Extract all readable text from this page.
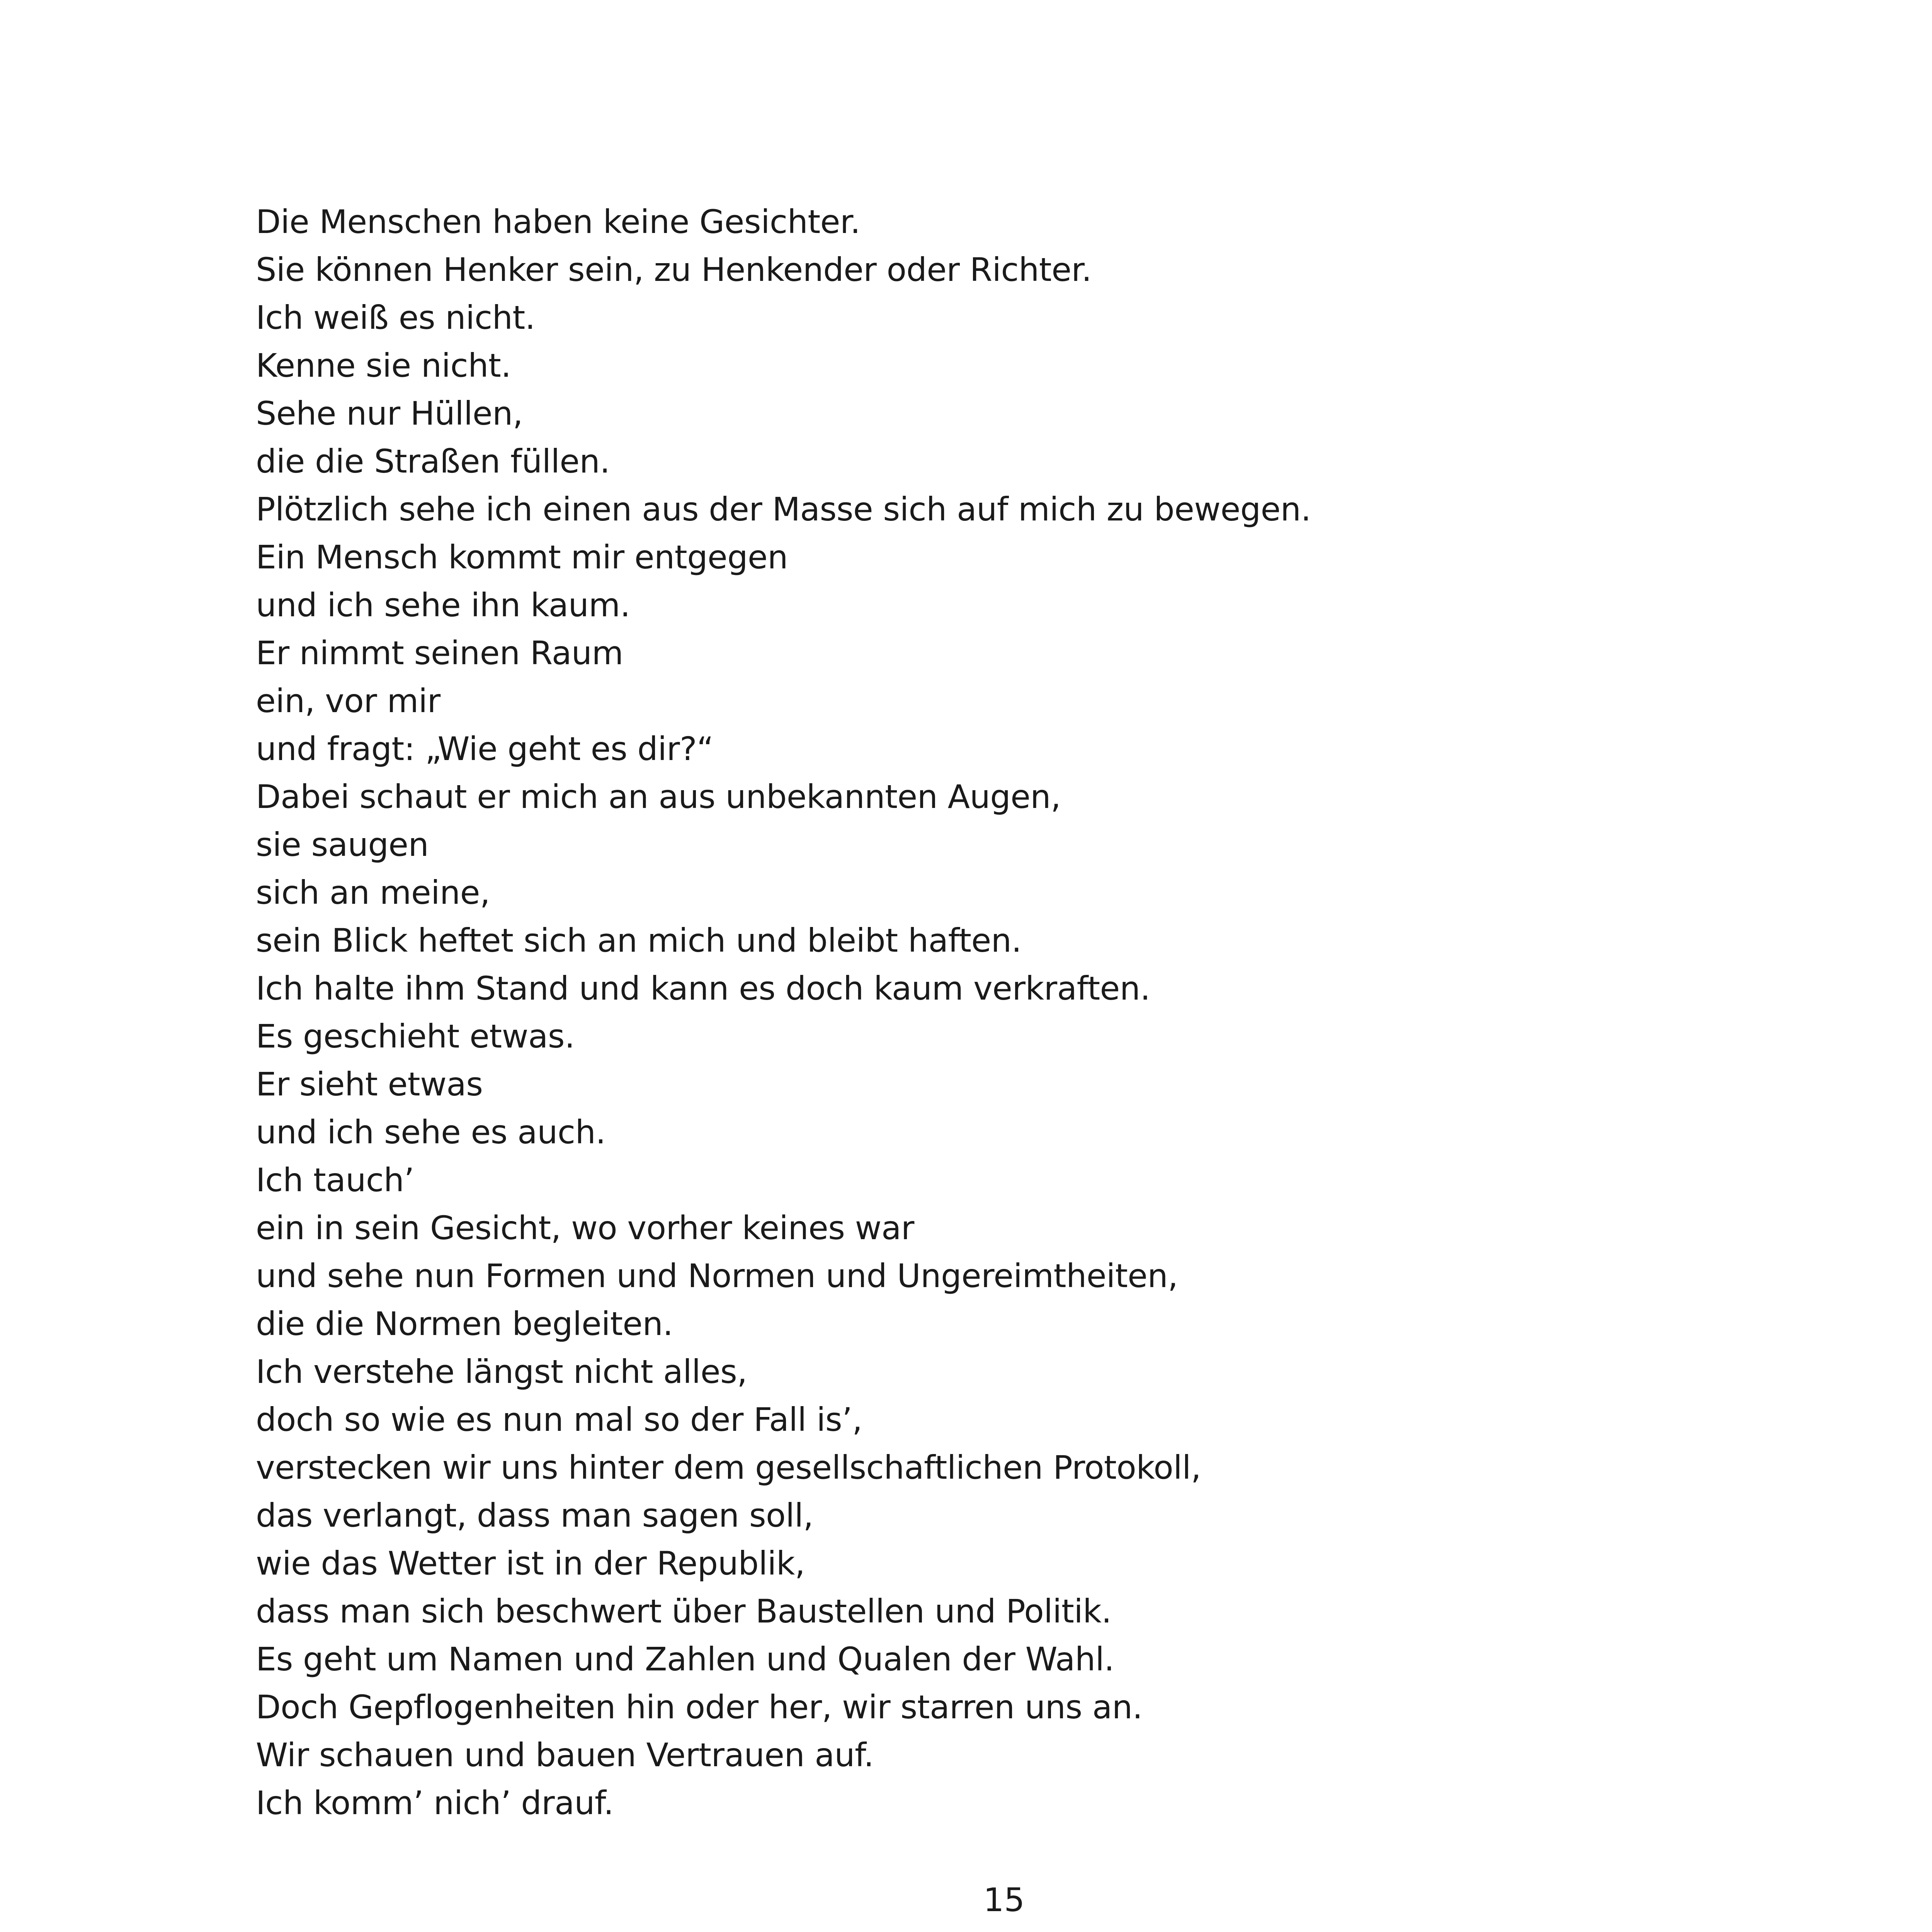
Die Menschen haben keine Gesichter.
Sie können Henker sein, zu Henkender oder Richter.
Ich weiß es nicht.
Kenne sie nicht.
Sehe nur Hüllen,
die die Straßen füllen.
Plötzlich sehe ich einen aus der Masse sich auf mich zu bewegen.
Ein Mensch kommt mir entgegen
und ich sehe ihn kaum.
Er nimmt seinen Raum
ein, vor mir
und fragt: „Wie geht es dir?“
Dabei schaut er mich an aus unbekannten Augen,
sie saugen
sich an meine,
sein Blick heftet sich an mich und bleibt haften.
Ich halte ihm Stand und kann es doch kaum verkraften.
Es geschieht etwas.
Er sieht etwas
und ich sehe es auch.
Ich tauch’
ein in sein Gesicht, wo vorher keines war
und sehe nun Formen und Normen und Ungereimtheiten,
die die Normen begleiten.
Ich verstehe längst nicht alles,
doch so wie es nun mal so der Fall is’,
verstecken wir uns hinter dem gesellschaftlichen Protokoll,
das verlangt, dass man sagen soll,
wie das Wetter ist in der Republik,
dass man sich beschwert über Baustellen und Politik.
Es geht um Namen und Zahlen und Qualen der Wahl.
Doch Gepflogenheiten hin oder her, wir starren uns an.
Wir schauen und bauen Vertrauen auf.
Ich komm’ nich’ drauf.
15
